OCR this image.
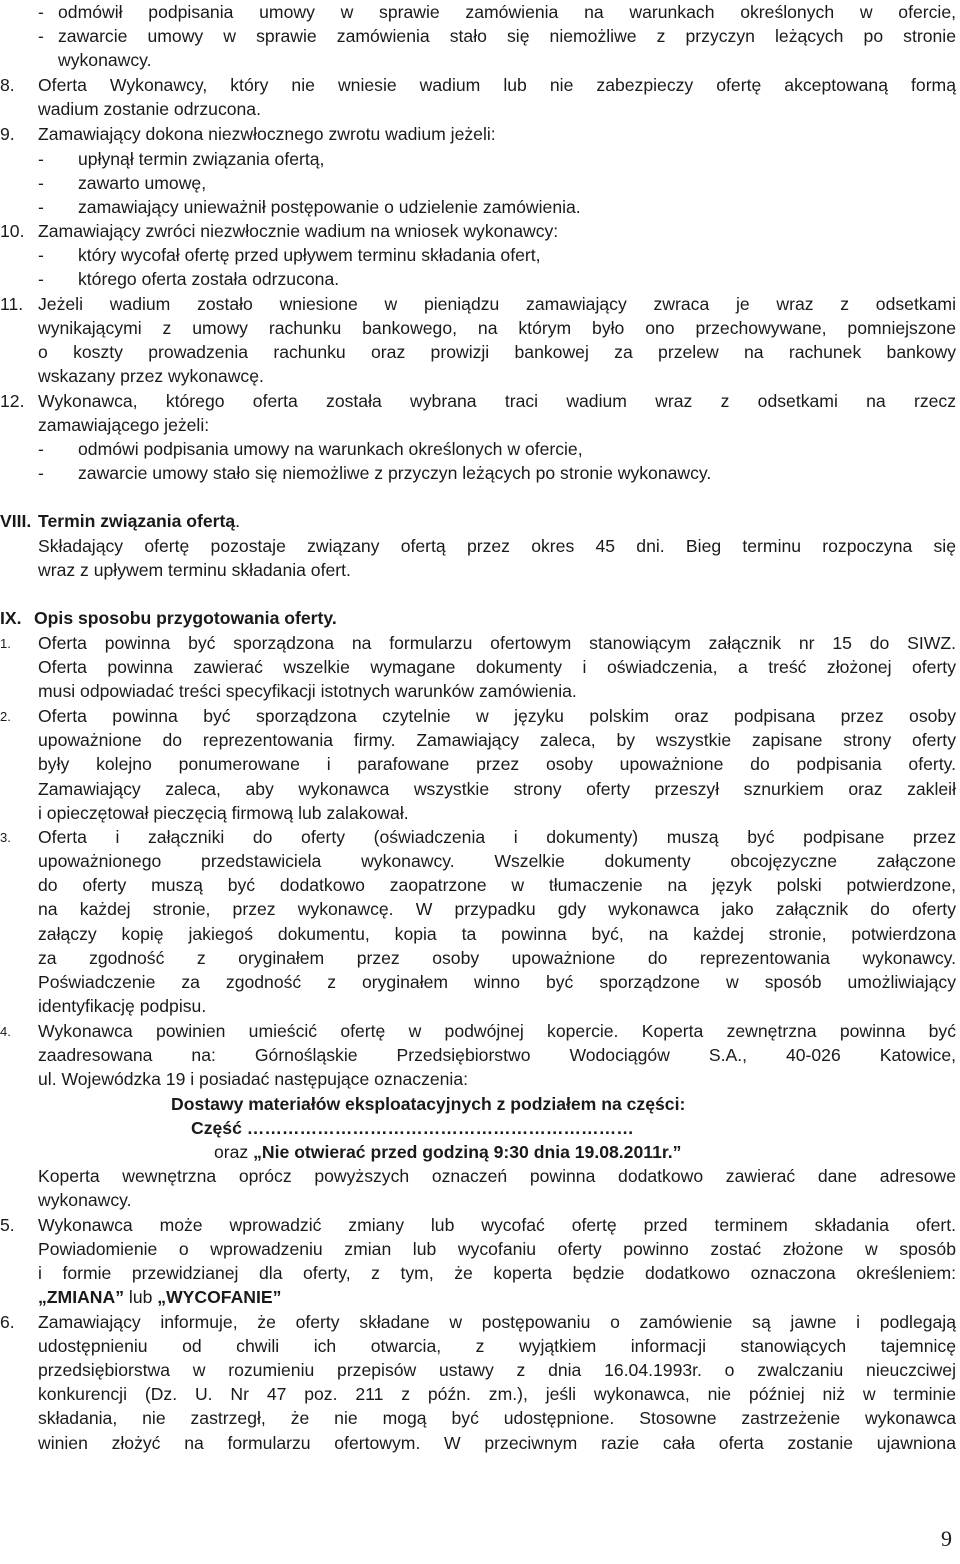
- odmówił podpisania umowy w sprawie zamówienia na warunkach określonych w ofercie,
- zawarcie umowy w sprawie zamówienia stało się niemożliwe z przyczyn leżących po stronie
wykonawcy.
8. Oferta Wykonawcy, który nie wniesie wadium lub nie zabezpieczy ofertę akceptowaną formą
wadium zostanie odrzucona.
9. Zamawiający dokona niezwłocznego zwrotu wadium jeżeli:
- upłynął termin związania ofertą,
- zawarto umowę,
- zamawiający unieważnił postępowanie o udzielenie zamówienia.
10. Zamawiający zwróci niezwłocznie wadium na wniosek wykonawcy:
- który wycofał ofertę przed upływem terminu składania ofert,
- którego oferta została odrzucona.
11. Jeżeli wadium zostało wniesione w pieniądzu zamawiający zwraca je wraz z odsetkami
wynikającymi z umowy rachunku bankowego, na którym było ono przechowywane, pomniejszone
o koszty prowadzenia rachunku oraz prowizji bankowej za przelew na rachunek bankowy
wskazany przez wykonawcę.
12. Wykonawca, którego oferta została wybrana traci wadium wraz z odsetkami na rzecz
zamawiającego jeżeli:
- odmówi podpisania umowy na warunkach określonych w ofercie,
- zawarcie umowy stało się niemożliwe z przyczyn leżących po stronie wykonawcy.
VIII. Termin związania ofertą.
Składający ofertę pozostaje związany ofertą przez okres 45 dni. Bieg terminu rozpoczyna się
wraz z upływem terminu składania ofert.
IX. Opis sposobu przygotowania oferty.
1. Oferta powinna być sporządzona na formularzu ofertowym stanowiącym załącznik nr 15 do SIWZ.
Oferta powinna zawierać wszelkie wymagane dokumenty i oświadczenia, a treść złożonej oferty
musi odpowiadać treści specyfikacji istotnych warunków zamówienia.
2. Oferta powinna być sporządzona czytelnie w języku polskim oraz podpisana przez osoby
upoważnione do reprezentowania firmy. Zamawiający zaleca, by wszystkie zapisane strony oferty
były kolejno ponumerowane i parafowane przez osoby upoważnione do podpisania oferty.
Zamawiający zaleca, aby wykonawca wszystkie strony oferty przeszył sznurkiem oraz zakleił
i opieczętował pieczęcią firmową lub zalakował.
3. Oferta i załączniki do oferty (oświadczenia i dokumenty) muszą być podpisane przez
upoważnionego przedstawiciela wykonawcy. Wszelkie dokumenty obcojęzyczne załączone
do oferty muszą być dodatkowo zaopatrzone w tłumaczenie na język polski potwierdzone,
na każdej stronie, przez wykonawcę. W przypadku gdy wykonawca jako załącznik do oferty
załączy kopię jakiegoś dokumentu, kopia ta powinna być, na każdej stronie, potwierdzona
za zgodność z oryginałem przez osoby upoważnione do reprezentowania wykonawcy.
Poświadczenie za zgodność z oryginałem winno być sporządzone w sposób umożliwiający
identyfikację podpisu.
4. Wykonawca powinien umieścić ofertę w podwójnej kopercie. Koperta zewnętrzna powinna być
zaadresowana na: Górnośląskie Przedsiębiorstwo Wodociągów S.A., 40-026 Katowice,
ul. Wojewódzka 19 i posiadać następujące oznaczenia:
Dostawy materiałów eksploatacyjnych z podziałem na części:
Część …………………………………………………………
oraz „Nie otwierać przed godziną 9:30 dnia 19.08.2011r.”
Koperta wewnętrzna oprócz powyższych oznaczeń powinna dodatkowo zawierać dane adresowe
wykonawcy.
5. Wykonawca może wprowadzić zmiany lub wycofać ofertę przed terminem składania ofert.
Powiadomienie o wprowadzeniu zmian lub wycofaniu oferty powinno zostać złożone w sposób
i formie przewidzianej dla oferty, z tym, że koperta będzie dodatkowo oznaczona określeniem:
„ZMIANA” lub „WYCOFANIE”
6. Zamawiający informuje, że oferty składane w postępowaniu o zamówienie są jawne i podlegają
udostępnieniu od chwili ich otwarcia, z wyjątkiem informacji stanowiących tajemnicę
przedsiębiorstwa w rozumieniu przepisów ustawy z dnia 16.04.1993r. o zwalczaniu nieuczciwej
konkurencji (Dz. U. Nr 47 poz. 211 z późn. zm.), jeśli wykonawca, nie później niż w terminie
składania, nie zastrzegł, że nie mogą być udostępnione. Stosowne zastrzeżenie wykonawca
winien złożyć na formularzu ofertowym. W przeciwnym razie cała oferta zostanie ujawniona
9
